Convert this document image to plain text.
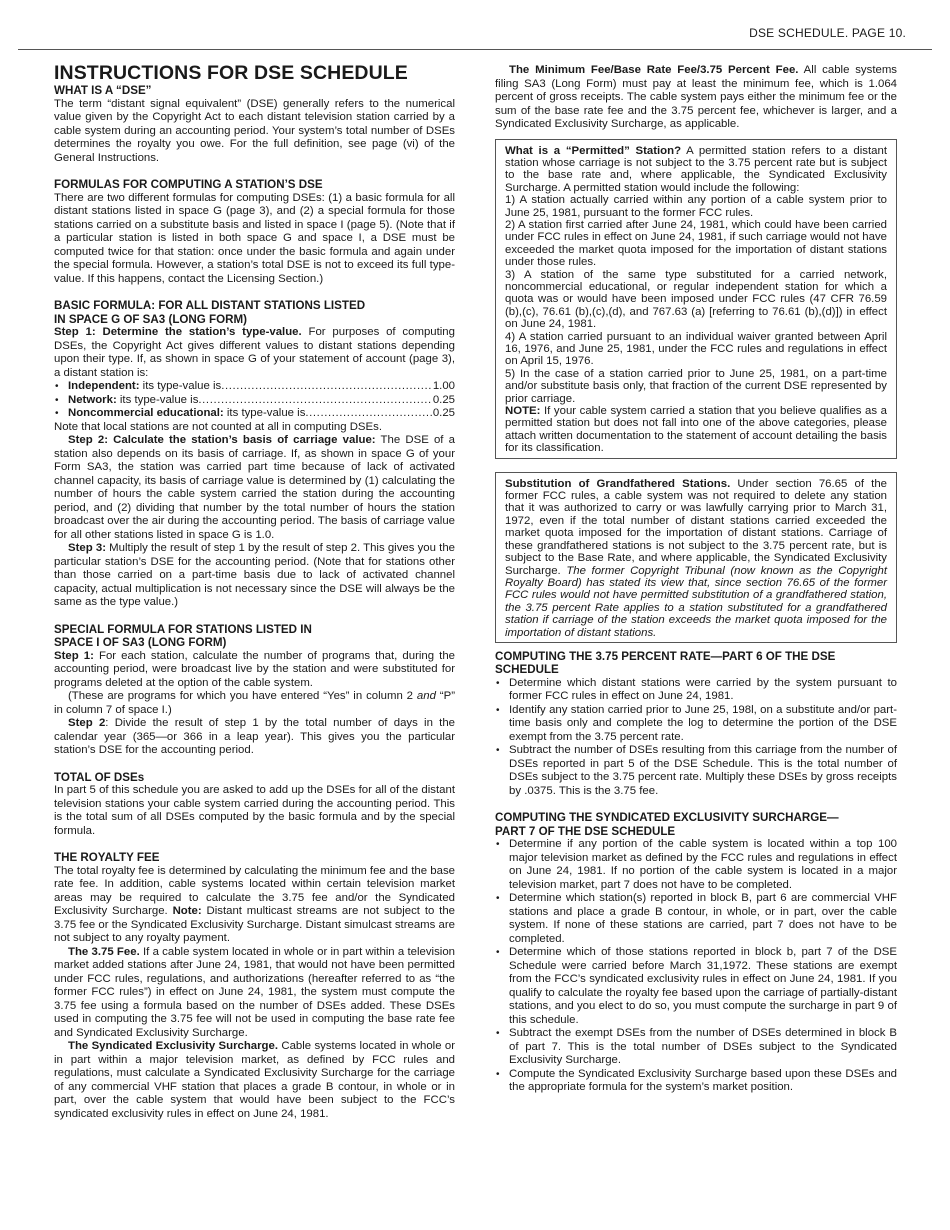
DSE SCHEDULE. PAGE 10.
INSTRUCTIONS FOR DSE SCHEDULE
WHAT IS A “DSE”

The term “distant signal equivalent” (DSE) generally refers to the numerical value given by the Copyright Act to each distant television station carried by a cable system during an accounting period. Your system’s total number of DSEs determines the royalty you owe. For the full definition, see page (vi) of the General Instructions.

FORMULAS FOR COMPUTING A STATION’S DSE

There are two different formulas for computing DSEs: (1) a basic formula for all distant stations listed in space G (page 3), and (2) a special formula for those stations carried on a substitute basis and listed in space I (page 5). (Note that if a particular station is listed in both space G and space I, a DSE must be computed twice for that station: once under the basic formula and again under the special formula. However, a station’s total DSE is not to exceed its full type-value. If this happens, contact the Licensing Section.)

BASIC FORMULA: FOR ALL DISTANT STATIONS LISTED
IN SPACE G OF SA3 (LONG FORM)

Step 1: Determine the station’s type-value. For purposes of computing DSEs, the Copyright Act gives different values to distant stations depending upon their type. If, as shown in space G of your statement of account (page 3), a distant station is:

• Independent: its type-value is .....	1.00
• Network: its type-value is .....	0.25
• Noncommercial educational: its type-value is .....	0.25

Note that local stations are not counted at all in computing DSEs.

Step 2: Calculate the station’s basis of carriage value: The DSE of a station also depends on its basis of carriage. If, as shown in space G of your Form SA3, the station was carried part time because of lack of activated channel capacity, its basis of carriage value is determined by (1) calculating the number of hours the cable system carried the station during the accounting period, and (2) dividing that number by the total number of hours the station broadcast over the air during the accounting period. The basis of carriage value for all other stations listed in space G is 1.0.

Step 3: Multiply the result of step 1 by the result of step 2. This gives you the particular station’s DSE for the accounting period. (Note that for stations other than those carried on a part-time basis due to lack of activated channel capacity, actual multiplication is not necessary since the DSE will always be the same as the type value.)

SPECIAL FORMULA FOR STATIONS LISTED IN
SPACE I OF SA3 (LONG FORM)

Step 1: For each station, calculate the number of programs that, during the accounting period, were broadcast live by the station and were substituted for programs deleted at the option of the cable system.

(These are programs for which you have entered “Yes” in column 2 and “P” in column 7 of space I.)

Step 2: Divide the result of step 1 by the total number of days in the calendar year (365—or 366 in a leap year). This gives you the particular station’s DSE for the accounting period.

TOTAL OF DSEs

In part 5 of this schedule you are asked to add up the DSEs for all of the distant television stations your cable system carried during the accounting period. This is the total sum of all DSEs computed by the basic formula and by the special formula.

THE ROYALTY FEE

The total royalty fee is determined by calculating the minimum fee and the base rate fee. In addition, cable systems located within certain television market areas may be required to calculate the 3.75 fee and/or the Syndicated Exclusivity Surcharge. Note: Distant multicast streams are not subject to the 3.75 fee or the Syndicated Exclusivity Surcharge. Distant simulcast streams are not subject to any royalty payment.

The 3.75 Fee. If a cable system located in whole or in part within a television market added stations after June 24, 1981, that would not have been permitted under FCC rules, regulations, and authorizations (hereafter referred to as “the former FCC rules”) in effect on June 24, 1981, the system must compute the 3.75 fee using a formula based on the number of DSEs added. These DSEs used in computing the 3.75 fee will not be used in computing the base rate fee and Syndicated Exclusivity Surcharge.

The Syndicated Exclusivity Surcharge. Cable systems located in whole or in part within a major television market, as defined by FCC rules and regulations, must calculate a Syndicated Exclusivity Surcharge for the carriage of any commercial VHF station that places a grade B contour, in whole or in part, over the cable system that would have been subject to the FCC’s syndicated exclusivity rules in effect on June 24, 1981.

The Minimum Fee/Base Rate Fee/3.75 Percent Fee. All cable systems filing SA3 (Long Form) must pay at least the minimum fee, which is 1.064 percent of gross receipts. The cable system pays either the minimum fee or the sum of the base rate fee and the 3.75 percent fee, whichever is larger, and a Syndicated Exclusivity Surcharge, as applicable.

What is a “Permitted” Station? A permitted station refers to a distant station whose carriage is not subject to the 3.75 percent rate but is subject to the base rate and, where applicable, the Syndicated Exclusivity Surcharge. A permitted station would include the following:

1) A station actually carried within any portion of a cable system prior to June 25, 1981, pursuant to the former FCC rules.

2) A station first carried after June 24, 1981, which could have been carried under FCC rules in effect on June 24, 1981, if such carriage would not have exceeded the market quota imposed for the importation of distant stations under those rules.

3) A station of the same type substituted for a carried network, noncommercial educational, or regular independent station for which a quota was or would have been imposed under FCC rules (47 CFR 76.59 (b),(c), 76.61 (b),(c),(d), and 767.63 (a) [referring to 76.61 (b),(d)]) in effect on June 24, 1981.

4) A station carried pursuant to an individual waiver granted between April 16, 1976, and June 25, 1981, under the FCC rules and regulations in effect on April 15, 1976.

5) In the case of a station carried prior to June 25, 1981, on a part-time and/or substitute basis only, that fraction of the current DSE represented by prior carriage.

NOTE: If your cable system carried a station that you believe qualifies as a permitted station but does not fall into one of the above categories, please attach written documentation to the statement of account detailing the basis for its classification.

Substitution of Grandfathered Stations. Under section 76.65 of the former FCC rules, a cable system was not required to delete any station that it was authorized to carry or was lawfully carrying prior to March 31, 1972, even if the total number of distant stations carried exceeded the market quota imposed for the importation of distant stations. Carriage of these grandfathered stations is not subject to the 3.75 percent rate, but is subject to the Base Rate, and where applicable, the Syndicated Exclusivity Surcharge. The former Copyright Tribunal (now known as the Copyright Royalty Board) has stated its view that, since section 76.65 of the former FCC rules would not have permitted substitution of a grandfathered station, the 3.75 percent Rate applies to a station substituted for a grandfathered station if carriage of the station exceeds the market quota imposed for the importation of distant stations.

COMPUTING THE 3.75 PERCENT RATE—PART 6 OF THE DSE
SCHEDULE
• Determine which distant stations were carried by the system pursuant to former FCC rules in effect on June 24, 1981.
• Identify any station carried prior to June 25, 198l, on a substitute and/or part-time basis only and complete the log to determine the portion of the DSE exempt from the 3.75 percent rate.
• Subtract the number of DSEs resulting from this carriage from the number of DSEs reported in part 5 of the DSE Schedule. This is the total number of DSEs subject to the 3.75 percent rate. Multiply these DSEs by gross receipts by .0375. This is the 3.75 fee.
COMPUTING THE SYNDICATED EXCLUSIVITY SURCHARGE—
PART 7 OF THE DSE SCHEDULE
• Determine if any portion of the cable system is located within a top 100 major television market as defined by the FCC rules and regulations in effect on June 24, 1981. If no portion of the cable system is located in a major television market, part 7 does not have to be completed.
• Determine which station(s) reported in block B, part 6 are commercial VHF stations and place a grade B contour, in whole, or in part, over the cable system. If none of these stations are carried, part 7 does not have to be completed.
• Determine which of those stations reported in block b, part 7 of the DSE Schedule were carried before March 31,1972. These stations are exempt from the FCC’s syndicated exclusivity rules in effect on June 24, 1981. If you qualify to calculate the royalty fee based upon the carriage of partially-distant stations, and you elect to do so, you must compute the surcharge in part 9 of this schedule.
• Subtract the exempt DSEs from the number of DSEs determined in block B of part 7. This is the total number of DSEs subject to the Syndicated Exclusivity Surcharge.
• Compute the Syndicated Exclusivity Surcharge based upon these DSEs and the appropriate formula for the system’s market position.
